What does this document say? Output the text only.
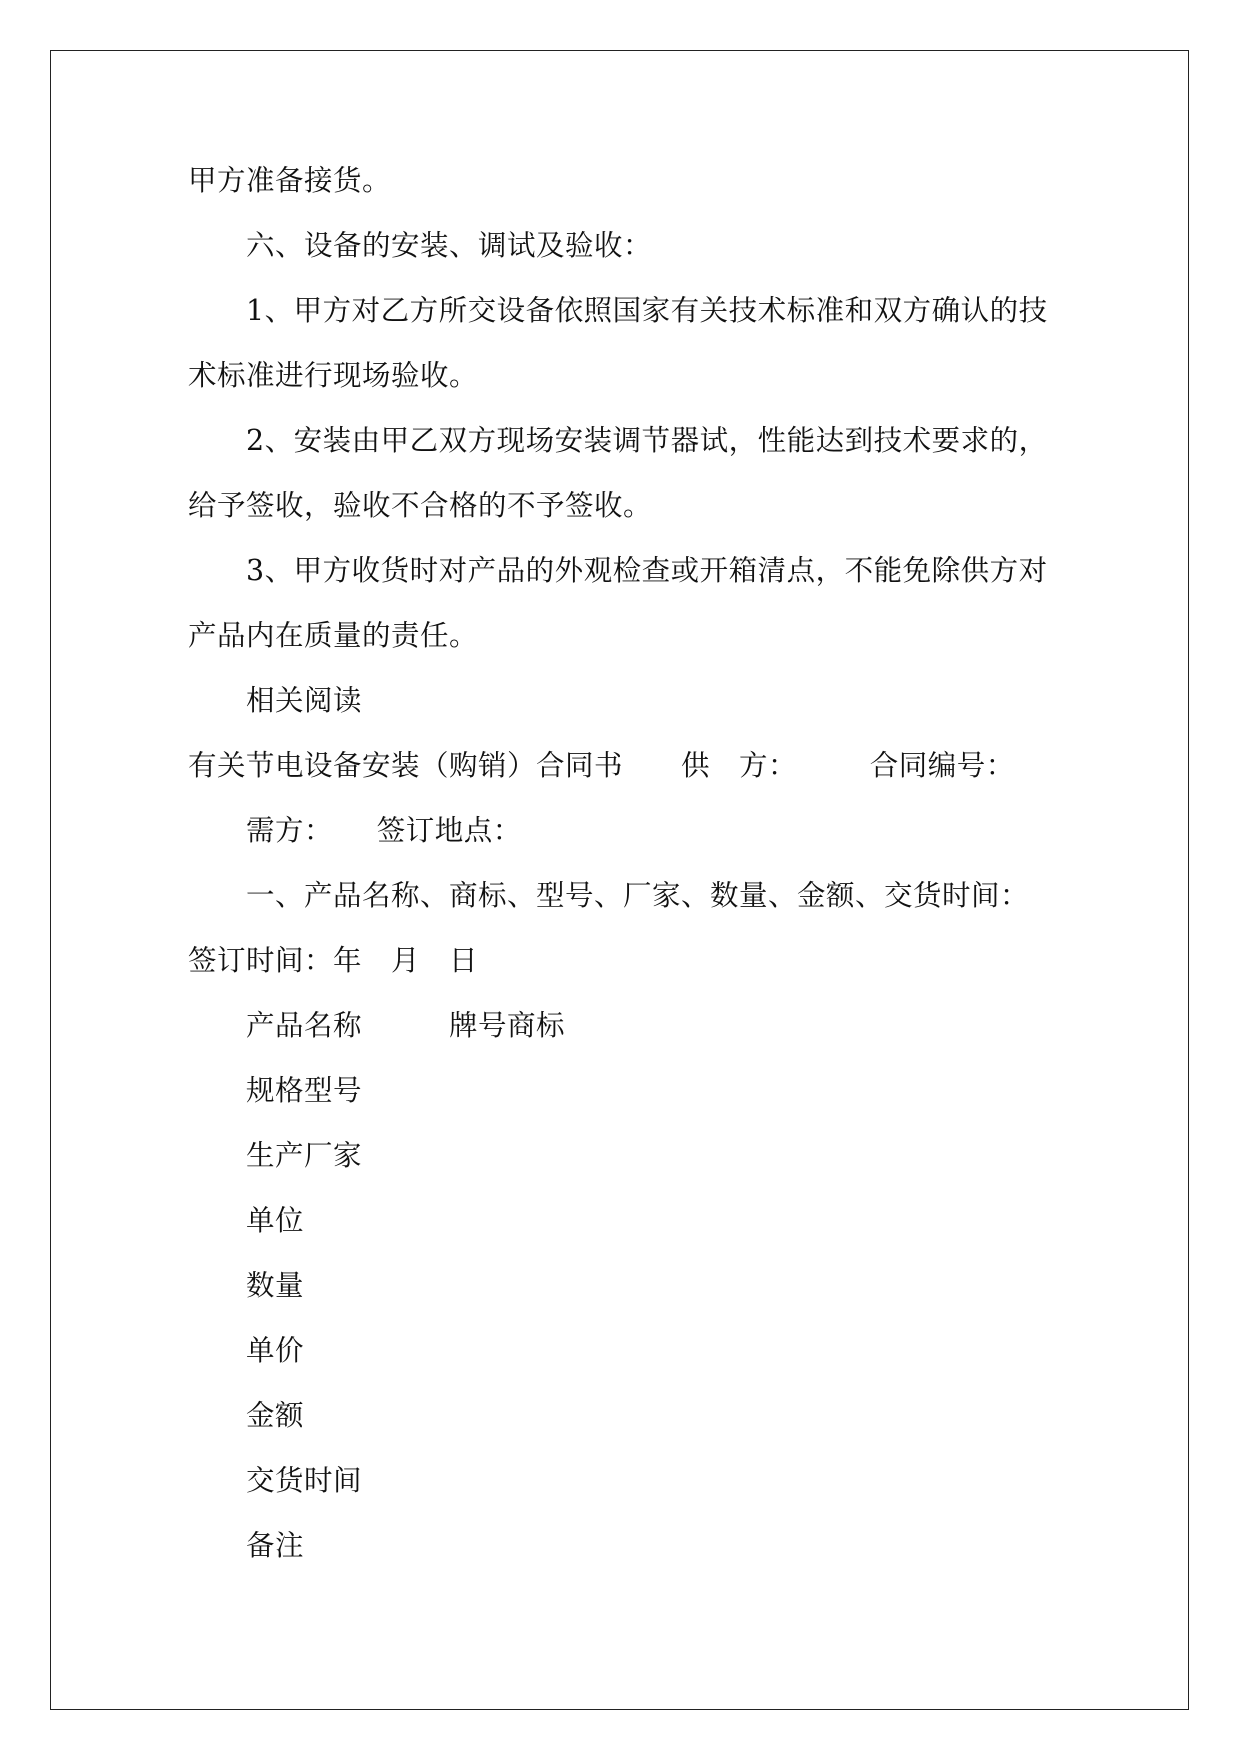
甲方准备接货。
六、设备的安装、调试及验收：
1、甲方对乙方所交设备依照国家有关技术标准和双方确认的技
术标准进行现场验收。
2、安装由甲乙双方现场安装调节器试，性能达到技术要求的，
给予签收，验收不合格的不予签收。
3、甲方收货时对产品的外观检查或开箱清点，不能免除供方对
产品内在质量的责任。
相关阅读
有关节电设备安装（购销）合同书　　供　方：　　　合同编号：
需方：　　签订地点：
一、产品名称、商标、型号、厂家、数量、金额、交货时间：
签订时间：年　月　日
产品名称　　　牌号商标
规格型号
生产厂家
单位
数量
单价
金额
交货时间
备注
